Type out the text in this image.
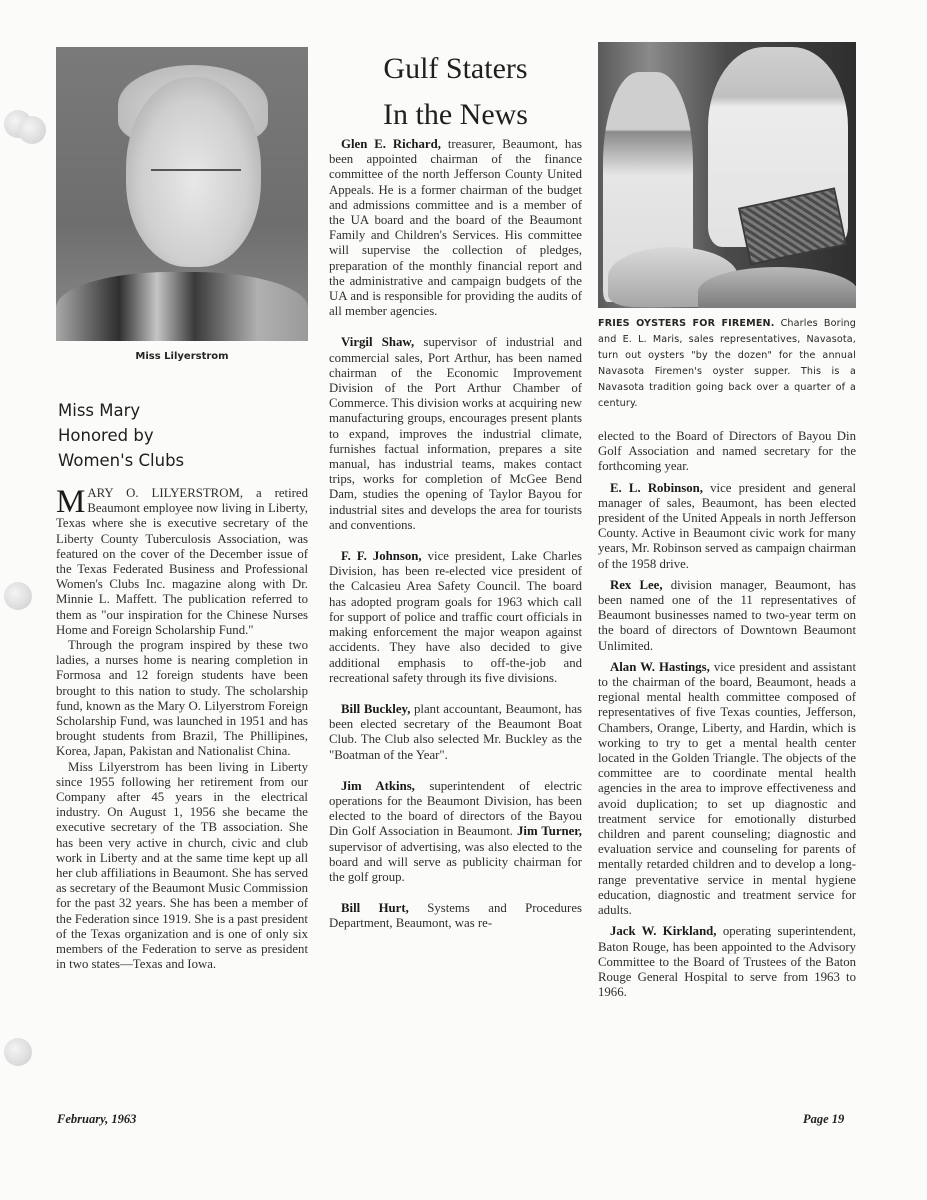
Miss Lilyerstrom
Miss Mary
Honored by
Women's Clubs

MARY O. LILYERSTROM, a retired Beaumont employee now living in Liberty, Texas where she is executive secretary of the Liberty County Tuberculosis Association, was featured on the cover of the December issue of the Texas Federated Business and Professional Women's Clubs Inc. magazine along with Dr. Minnie L. Maffett. The publication referred to them as "our inspiration for the Chinese Nurses Home and Foreign Scholarship Fund."

Through the program inspired by these two ladies, a nurses home is nearing completion in Formosa and 12 foreign students have been brought to this nation to study. The scholarship fund, known as the Mary O. Lilyerstrom Foreign Scholarship Fund, was launched in 1951 and has brought students from Brazil, The Phillipines, Korea, Japan, Pakistan and Nationalist China.

Miss Lilyerstrom has been living in Liberty since 1955 following her retirement from our Company after 45 years in the electrical industry. On August 1, 1956 she became the executive secretary of the TB association. She has been very active in church, civic and club work in Liberty and at the same time kept up all her club affiliations in Beaumont. She has served as secretary of the Beaumont Music Commission for the past 32 years. She has been a member of the Federation since 1919. She is a past president of the Texas organization and is one of only six members of the Federation to serve as president in two states—Texas and Iowa.

Gulf Staters
In the News

Glen E. Richard, treasurer, Beaumont, has been appointed chairman of the finance committee of the north Jefferson County United Appeals. He is a former chairman of the budget and admissions committee and is a member of the UA board and the board of the Beaumont Family and Children's Services. His committee will supervise the collection of pledges, preparation of the monthly financial report and the administrative and campaign budgets of the UA and is responsible for providing the audits of all member agencies.

Virgil Shaw, supervisor of industrial and commercial sales, Port Arthur, has been named chairman of the Economic Improvement Division of the Port Arthur Chamber of Commerce. This division works at acquiring new manufacturing groups, encourages present plants to expand, improves the industrial climate, furnishes factual information, prepares a site manual, has industrial teams, makes contact trips, works for completion of McGee Bend Dam, studies the opening of Taylor Bayou for industrial sites and develops the area for tourists and conventions.

F. F. Johnson, vice president, Lake Charles Division, has been re-elected vice president of the Calcasieu Area Safety Council. The board has adopted program goals for 1963 which call for support of police and traffic court officials in making enforcement the major weapon against accidents. They have also decided to give additional emphasis to off-the-job and recreational safety through its five divisions.

Bill Buckley, plant accountant, Beaumont, has been elected secretary of the Beaumont Boat Club. The Club also selected Mr. Buckley as the "Boatman of the Year".

Jim Atkins, superintendent of electric operations for the Beaumont Division, has been elected to the board of directors of the Bayou Din Golf Association in Beaumont. Jim Turner, supervisor of advertising, was also elected to the board and will serve as publicity chairman for the golf group.

Bill Hurt, Systems and Procedures Department, Beaumont, was re-

FRIES OYSTERS FOR FIREMEN. Charles Boring and E. L. Maris, sales representatives, Navasota, turn out oysters "by the dozen" for the annual Navasota Firemen's oyster supper. This is a Navasota tradition going back over a quarter of a century.

elected to the Board of Directors of Bayou Din Golf Association and named secretary for the forthcoming year.

E. L. Robinson, vice president and general manager of sales, Beaumont, has been elected president of the United Appeals in north Jefferson County. Active in Beaumont civic work for many years, Mr. Robinson served as campaign chairman of the 1958 drive.

Rex Lee, division manager, Beaumont, has been named one of the 11 representatives of Beaumont businesses named to two-year term on the board of directors of Downtown Beaumont Unlimited.

Alan W. Hastings, vice president and assistant to the chairman of the board, Beaumont, heads a regional mental health committee composed of representatives of five Texas counties, Jefferson, Chambers, Orange, Liberty, and Hardin, which is working to try to get a mental health center located in the Golden Triangle. The objects of the committee are to coordinate mental health agencies in the area to improve effectiveness and avoid duplication; to set up diagnostic and treatment service for emotionally disturbed children and parent counseling; diagnostic and evaluation service and counseling for parents of mentally retarded children and to develop a long-range preventative service in mental hygiene education, diagnostic and treatment service for adults.

Jack W. Kirkland, operating superintendent, Baton Rouge, has been appointed to the Advisory Committee to the Board of Trustees of the Baton Rouge General Hospital to serve from 1963 to 1966.

February, 1963	Page 19
